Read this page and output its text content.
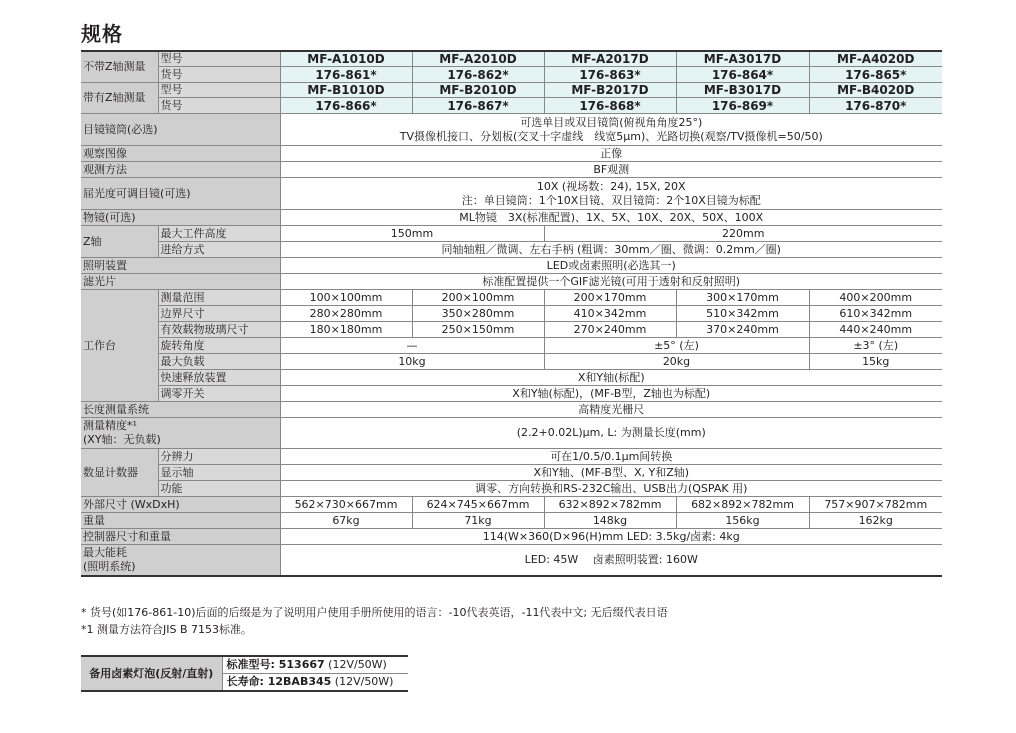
规格
不带Z轴测量	型号	MF-A1010D	MF-A2010D	MF-A2017D	MF-A3017D	MF-A4020D
	货号	176-861*	176-862*	176-863*	176-864*	176-865*
带有Z轴测量	型号	MF-B1010D	MF-B2010D	MF-B2017D	MF-B3017D	MF-B4020D
	货号	176-866*	176-867*	176-868*	176-869*	176-870*
目镜镜筒(必选)		可选单目或双目镜筒(俯视角角度25°)
TV摄像机接口、分划板(交叉十字虚线　线宽5μm)、光路切换(观察/TV摄像机=50/50)				

观察图像		正像				
观测方法		BF观测				
屈光度可调目镜(可选)		10X (视场数：24), 15X, 20X
注：单目镜筒：1个10X目镜、双目镜筒：2个10X目镜为标配				

物镜(可选)		ML物镜　3X(标准配置)、1X、5X、10X、20X、50X、100X				
Z轴	最大工件高度	150mm		220mm		
	进给方式	同轴轴粗／微调、左右手柄 (粗调：30mm／圈、微调：0.2mm／圈)				
照明装置		LED或卤素照明(必选其一)				
滤光片		标准配置提供一个GIF滤光镜(可用于透射和反射照明)				
工作台	测量范围	100×100mm	200×100mm	200×170mm	300×170mm	400×200mm
	边界尺寸	280×280mm	350×280mm	410×342mm	510×342mm	610×342mm
	有效载物玻璃尺寸	180×180mm	250×150mm	270×240mm	370×240mm	440×240mm
	旋转角度	—		±5° (左)		±3° (左)
	最大负载	10kg		20kg		15kg
	快速释放装置	X和Y轴(标配)				
	调零开关	X和Y轴(标配)，(MF-B型，Z轴也为标配)				
长度测量系统		高精度光栅尺				

测量精度*¹
(XY轴：无负载)		(2.2+0.02L)μm, L: 为测量长度(mm)				
数显计数器	分辨力	可在1/0.5/0.1μm间转换				
	显示轴	X和Y轴、(MF-B型、X, Y和Z轴)				
	功能	调零、方向转换和RS-232C输出、USB出力(QSPAK 用)				
外部尺寸 (WxDxH)		562×730×667mm	624×745×667mm	632×892×782mm	682×892×782mm	757×907×782mm
重量		67kg	71kg	148kg	156kg	162kg
控制器尺寸和重量		114(W×360(D×96(H)mm LED: 3.5kg/卤素: 4kg				

最大能耗
(照明系统)		LED: 45W　 卤素照明装置: 160W				
* 货号(如176-861-10)后面的后缀是为了说明用户使用手册所使用的语言：-10代表英语，-11代表中文; 无后缀代表日语
*1 测量方法符合JIS B 7153标准。
备用卤素灯泡(反射/直射)	标准型号: 513667 (12V/50W)
长寿命: 12BAB345 (12V/50W)
